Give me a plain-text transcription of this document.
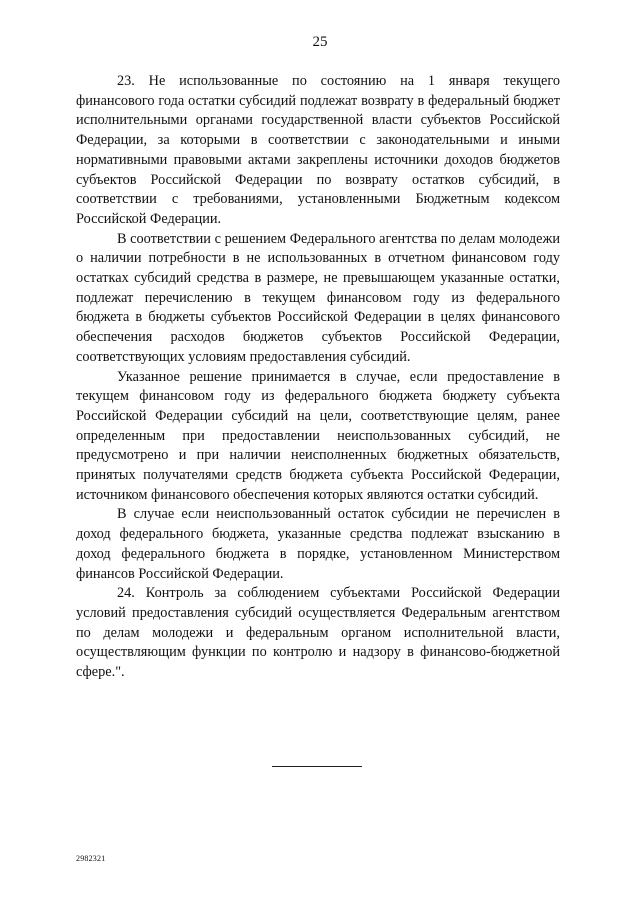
25

23. Не использованные по состоянию на 1 января текущего финансового года остатки субсидий подлежат возврату в федеральный бюджет исполнительными органами государственной власти субъектов Российской Федерации, за которыми в соответствии с законодательными и иными нормативными правовыми актами закреплены источники доходов бюджетов субъектов Российской Федерации по возврату остатков субсидий, в соответствии с требованиями, установленными Бюджетным кодексом Российской Федерации.

В соответствии с решением Федерального агентства по делам молодежи о наличии потребности в не использованных в отчетном финансовом году остатках субсидий средства в размере, не превышающем указанные остатки, подлежат перечислению в текущем финансовом году из федерального бюджета в бюджеты субъектов Российской Федерации в целях финансового обеспечения расходов бюджетов субъектов Российской Федерации, соответствующих условиям предоставления субсидий.

Указанное решение принимается в случае, если предоставление в текущем финансовом году из федерального бюджета бюджету субъекта Российской Федерации субсидий на цели, соответствующие целям, ранее определенным при предоставлении неиспользованных субсидий, не предусмотрено и при наличии неисполненных бюджетных обязательств, принятых получателями средств бюджета субъекта Российской Федерации, источником финансового обеспечения которых являются остатки субсидий.

В случае если неиспользованный остаток субсидии не перечислен в доход федерального бюджета, указанные средства подлежат взысканию в доход федерального бюджета в порядке, установленном Министерством финансов Российской Федерации.

24. Контроль за соблюдением субъектами Российской Федерации условий предоставления субсидий осуществляется Федеральным агентством по делам молодежи и федеральным органом исполнительной власти, осуществляющим функции по контролю и надзору в финансово-бюджетной сфере.".

2982321
